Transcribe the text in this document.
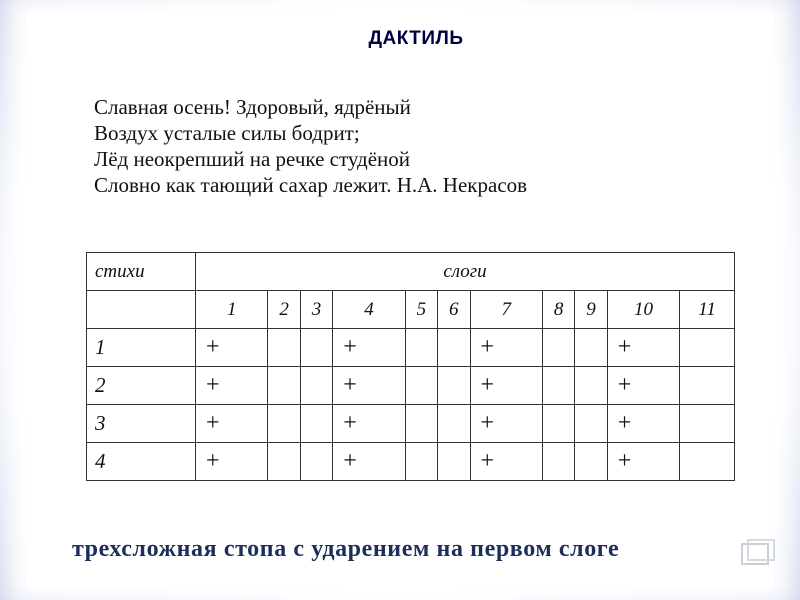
ДАКТИЛЬ
Славная осень! Здоровый, ядрёный
Воздух усталые силы бодрит;
Лёд неокрепший на речке студёной
Словно как тающий сахар лежит. Н.А. Некрасов
стихи	слоги										
	1	2	3	4	5	6	7	8	9	10	11
1	+			+			+			+	
2	+			+			+			+	
3	+			+			+			+	
4	+			+			+			+	
трехсложная стопа с ударением на первом слоге
